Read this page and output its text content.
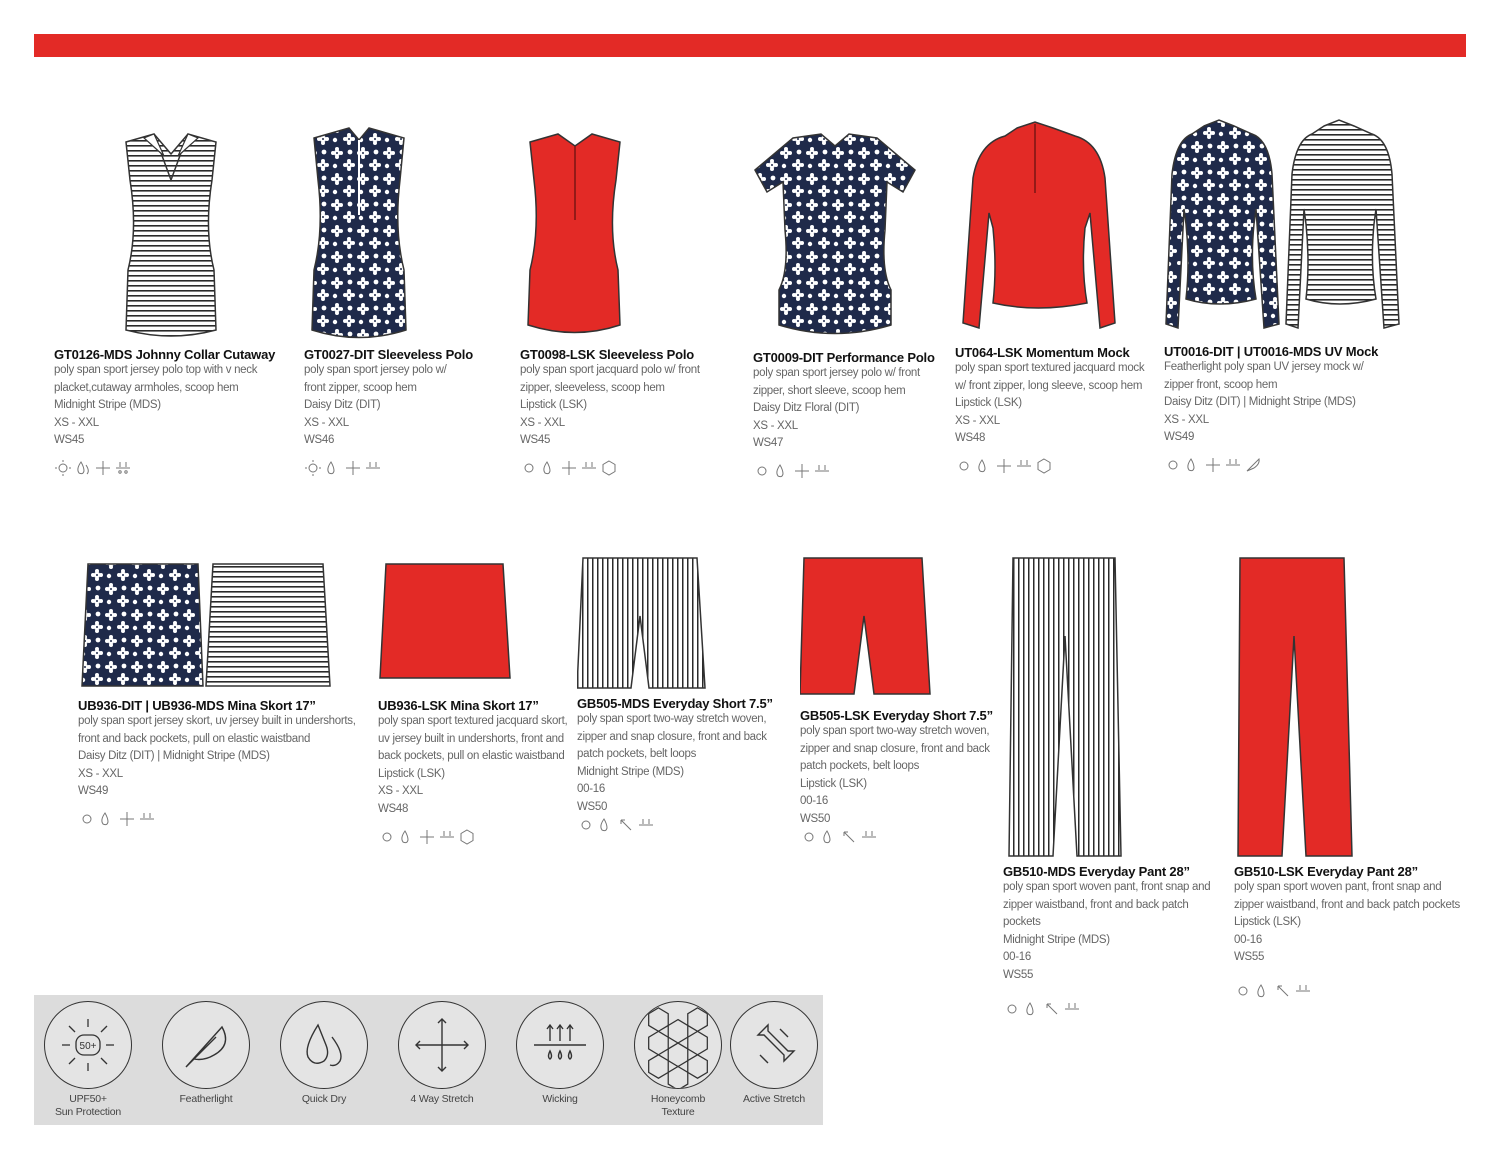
GT0126-MDS Johnny Collar Cutaway
poly span sport jersey polo top with v neck placket,cutaway armholes, scoop hem
Midnight Stripe (MDS)
XS - XXL
WS45
GT0027-DIT Sleeveless Polo
poly span sport jersey polo w/ front zipper, scoop hem
Daisy Ditz (DIT)
XS - XXL
WS46
GT0098-LSK Sleeveless Polo
poly span sport jacquard polo w/ front zipper, sleeveless, scoop hem
Lipstick (LSK)
XS - XXL
WS45
GT0009-DIT Performance Polo
poly span sport jersey polo w/ front zipper, short sleeve, scoop hem
Daisy Ditz Floral (DIT)
XS - XXL
WS47
UT064-LSK Momentum Mock
poly span sport textured jacquard mock w/ front zipper, long sleeve, scoop hem
Lipstick (LSK)
XS - XXL
WS48
UT0016-DIT | UT0016-MDS UV Mock
Featherlight poly span UV jersey mock w/ zipper front, scoop hem
Daisy Ditz (DIT) | Midnight Stripe (MDS)
XS - XXL
WS49
UB936-DIT | UB936-MDS Mina Skort 17”
poly span sport jersey skort, uv jersey built in undershorts, front and back pockets, pull on elastic waistband
Daisy Ditz (DIT) | Midnight Stripe (MDS)
XS - XXL
WS49
UB936-LSK Mina Skort 17”
poly span sport textured jacquard skort, uv jersey built in undershorts, front and back pockets, pull on elastic waistband
Lipstick (LSK)
XS - XXL
WS48
GB505-MDS Everyday Short 7.5”
poly span sport two-way stretch woven, zipper and snap closure, front and back patch pockets, belt loops
Midnight Stripe (MDS)
00-16
WS50
GB505-LSK Everyday Short 7.5”
poly span sport two-way stretch woven, zipper and snap closure, front and back patch pockets, belt loops
Lipstick (LSK)
00-16
WS50
GB510-MDS Everyday Pant 28”
poly span sport woven pant, front snap and zipper waistband, front and back patch pockets
Midnight Stripe (MDS)
00-16
WS55
GB510-LSK Everyday Pant 28”
poly span sport woven pant, front snap and zipper waistband, front and back patch pockets
Lipstick (LSK)
00-16
WS55
50+
UPF50+
Sun Protection
Featherlight	Quick Dry	4 Way Stretch	Wicking	Honeycomb
Texture
Active Stretch
